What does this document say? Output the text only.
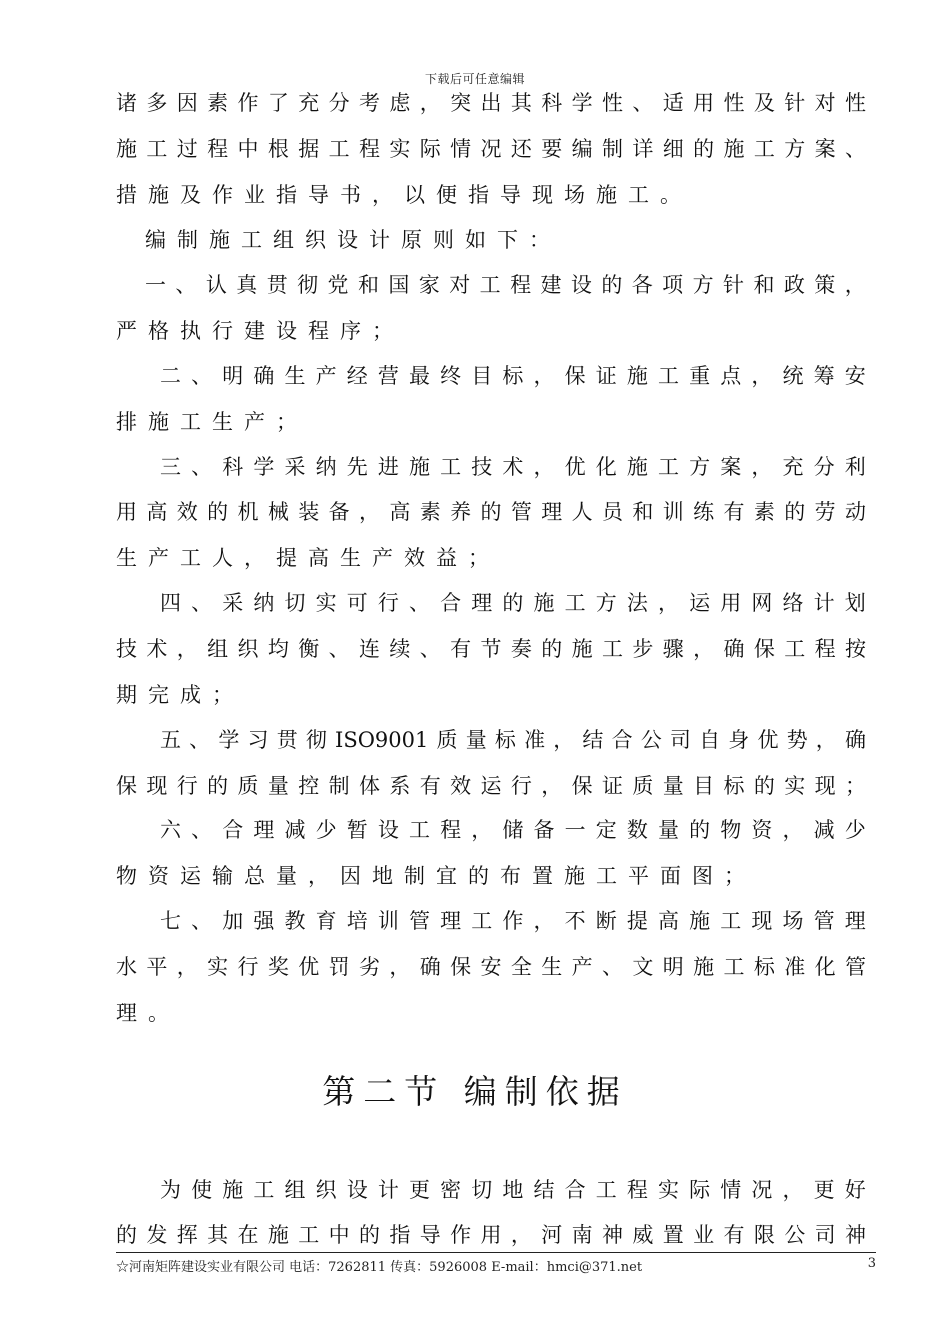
下载后可任意编辑
诸 多 因 素 作 了 充 分 考 虑 ， 突 出 其 科 学 性 、 适 用 性 及 针 对 性
施 工 过 程 中 根 据 工 程 实 际 情 况 还 要 编 制 详 细 的 施 工 方 案 、
措施及作业指导书，以便指导现场施工。
编制施工组织设计原则如下：
一 、 认 真 贯 彻 党 和 国 家 对 工 程 建 设 的 各 项 方 针 和 政 策 ，
严格执行建设程序；
二 、 明 确 生 产 经 营 最 终 目 标 ， 保 证 施 工 重 点 ， 统 筹 安
排施工生产；
三 、 科 学 采 纳 先 进 施 工 技 术 ， 优 化 施 工 方 案 ， 充 分 利
用 高 效 的 机 械 装 备 ， 高 素 养 的 管 理 人 员 和 训 练 有 素 的 劳 动
生产工人，提高生产效益；
四 、 采 纳 切 实 可 行 、 合 理 的 施 工 方 法 ， 运 用 网 络 计 划
技 术 ， 组 织 均 衡 、 连 续 、 有 节 奏 的 施 工 步 骤 ， 确 保 工 程 按
期完成；
五 、 学 习 贯 彻 ISO9001 质 量 标 准 ， 结 合 公 司 自 身 优 势 ， 确
保 现 行 的 质 量 控 制 体 系 有 效 运 行 ， 保 证 质 量 目 标 的 实 现 ；
六 、 合 理 减 少 暂 设 工 程 ， 储 备 一 定 数 量 的 物 资 ， 减 少
物资运输总量，因地制宜的布置施工平面图；
七 、 加 强 教 育 培 训 管 理 工 作 ， 不 断 提 高 施 工 现 场 管 理
水 平 ， 实 行 奖 优 罚 劣 ， 确 保 安 全 生 产 、 文 明 施 工 标 准 化 管
理。
第二节 编制依据
为 使 施 工 组 织 设 计 更 密 切 地 结 合 工 程 实 际 情 况 ， 更 好
的 发 挥 其 在 施 工 中 的 指 导 作 用 ， 河 南 神 威 置 业 有 限 公 司 神
☆河南矩阵建设实业有限公司 电话：7262811 传真：5926008 E-mail：hmci@371.net	3
